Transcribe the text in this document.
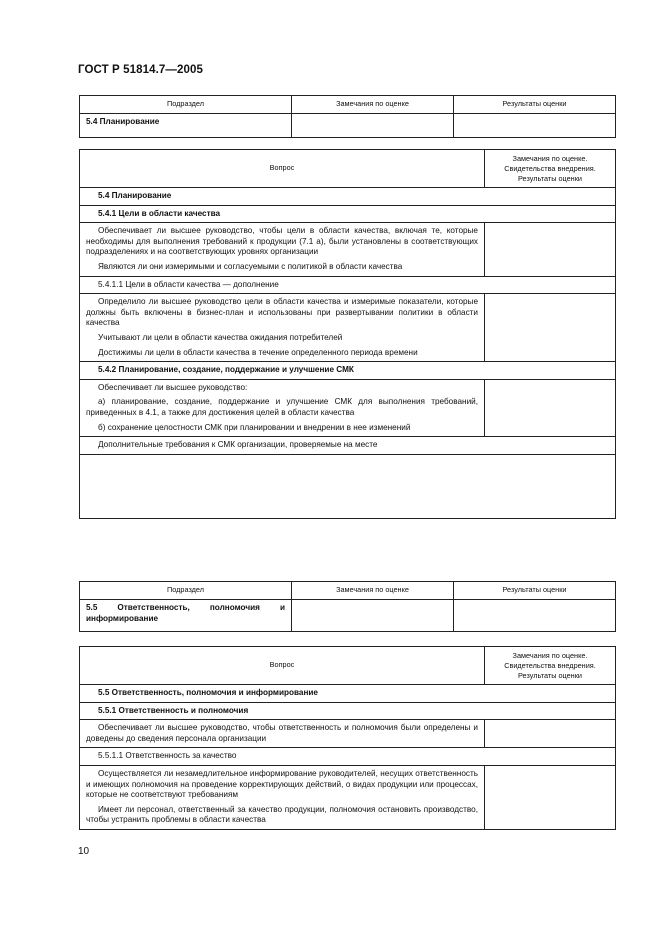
ГОСТ Р 51814.7—2005
Подраздел	Замечания по оценке	Результаты оценки
5.4 Планирование		
Вопрос	Замечания по оценке.
Свидетельства внедрения.
Результаты оценки

5.4 Планирование	
5.4.1 Цели в области качества	

Обеспечивает ли высшее руководство, чтобы цели в области качества, включая те, которые необходимы для выполнения требований к продукции (7.1 а), были установлены в соответствующих подразделениях и на соответствующих уровнях организации

Являются ли они измеримыми и согласуемыми с политикой в области качества	

5.4.1.1 Цели в области качества — дополнение	

Определило ли высшее руководство цели в области качества и измеримые показатели, которые должны быть включены в бизнес-план и использованы при развертывании политики в области качества

Учитывают ли цели в области качества ожидания потребителей

Достижимы ли цели в области качества в течение определенного периода времени	

5.4.2 Планирование, создание, поддержание и улучшение СМК	

Обеспечивает ли высшее руководство:

а) планирование, создание, поддержание и улучшение СМК для выполнения требований, приведенных в 4.1, а также для достижения целей в области качества

б) сохранение целостности СМК при планировании и внедрении в нее изменений	

Дополнительные требования к СМК организации, проверяемые на месте	

Подраздел	Замечания по оценке	Результаты оценки
5.5 Ответственность, полномочия и информирование		
Вопрос	Замечания по оценке.
Свидетельства внедрения.
Результаты оценки

5.5 Ответственность, полномочия и информирование	
5.5.1 Ответственность и полномочия	

Обеспечивает ли высшее руководство, чтобы ответственность и полномочия были определены и доведены до сведения персонала организации	

5.5.1.1 Ответственность за качество	

Осуществляется ли незамедлительное информирование руководителей, несущих ответственность и имеющих полномочия на проведение корректирующих действий, о видах продукции или процессах, которые не соответствуют требованиям

Имеет ли персонал, ответственный за качество продукции, полномочия остановить производство, чтобы устранить проблемы в области качества	

10
